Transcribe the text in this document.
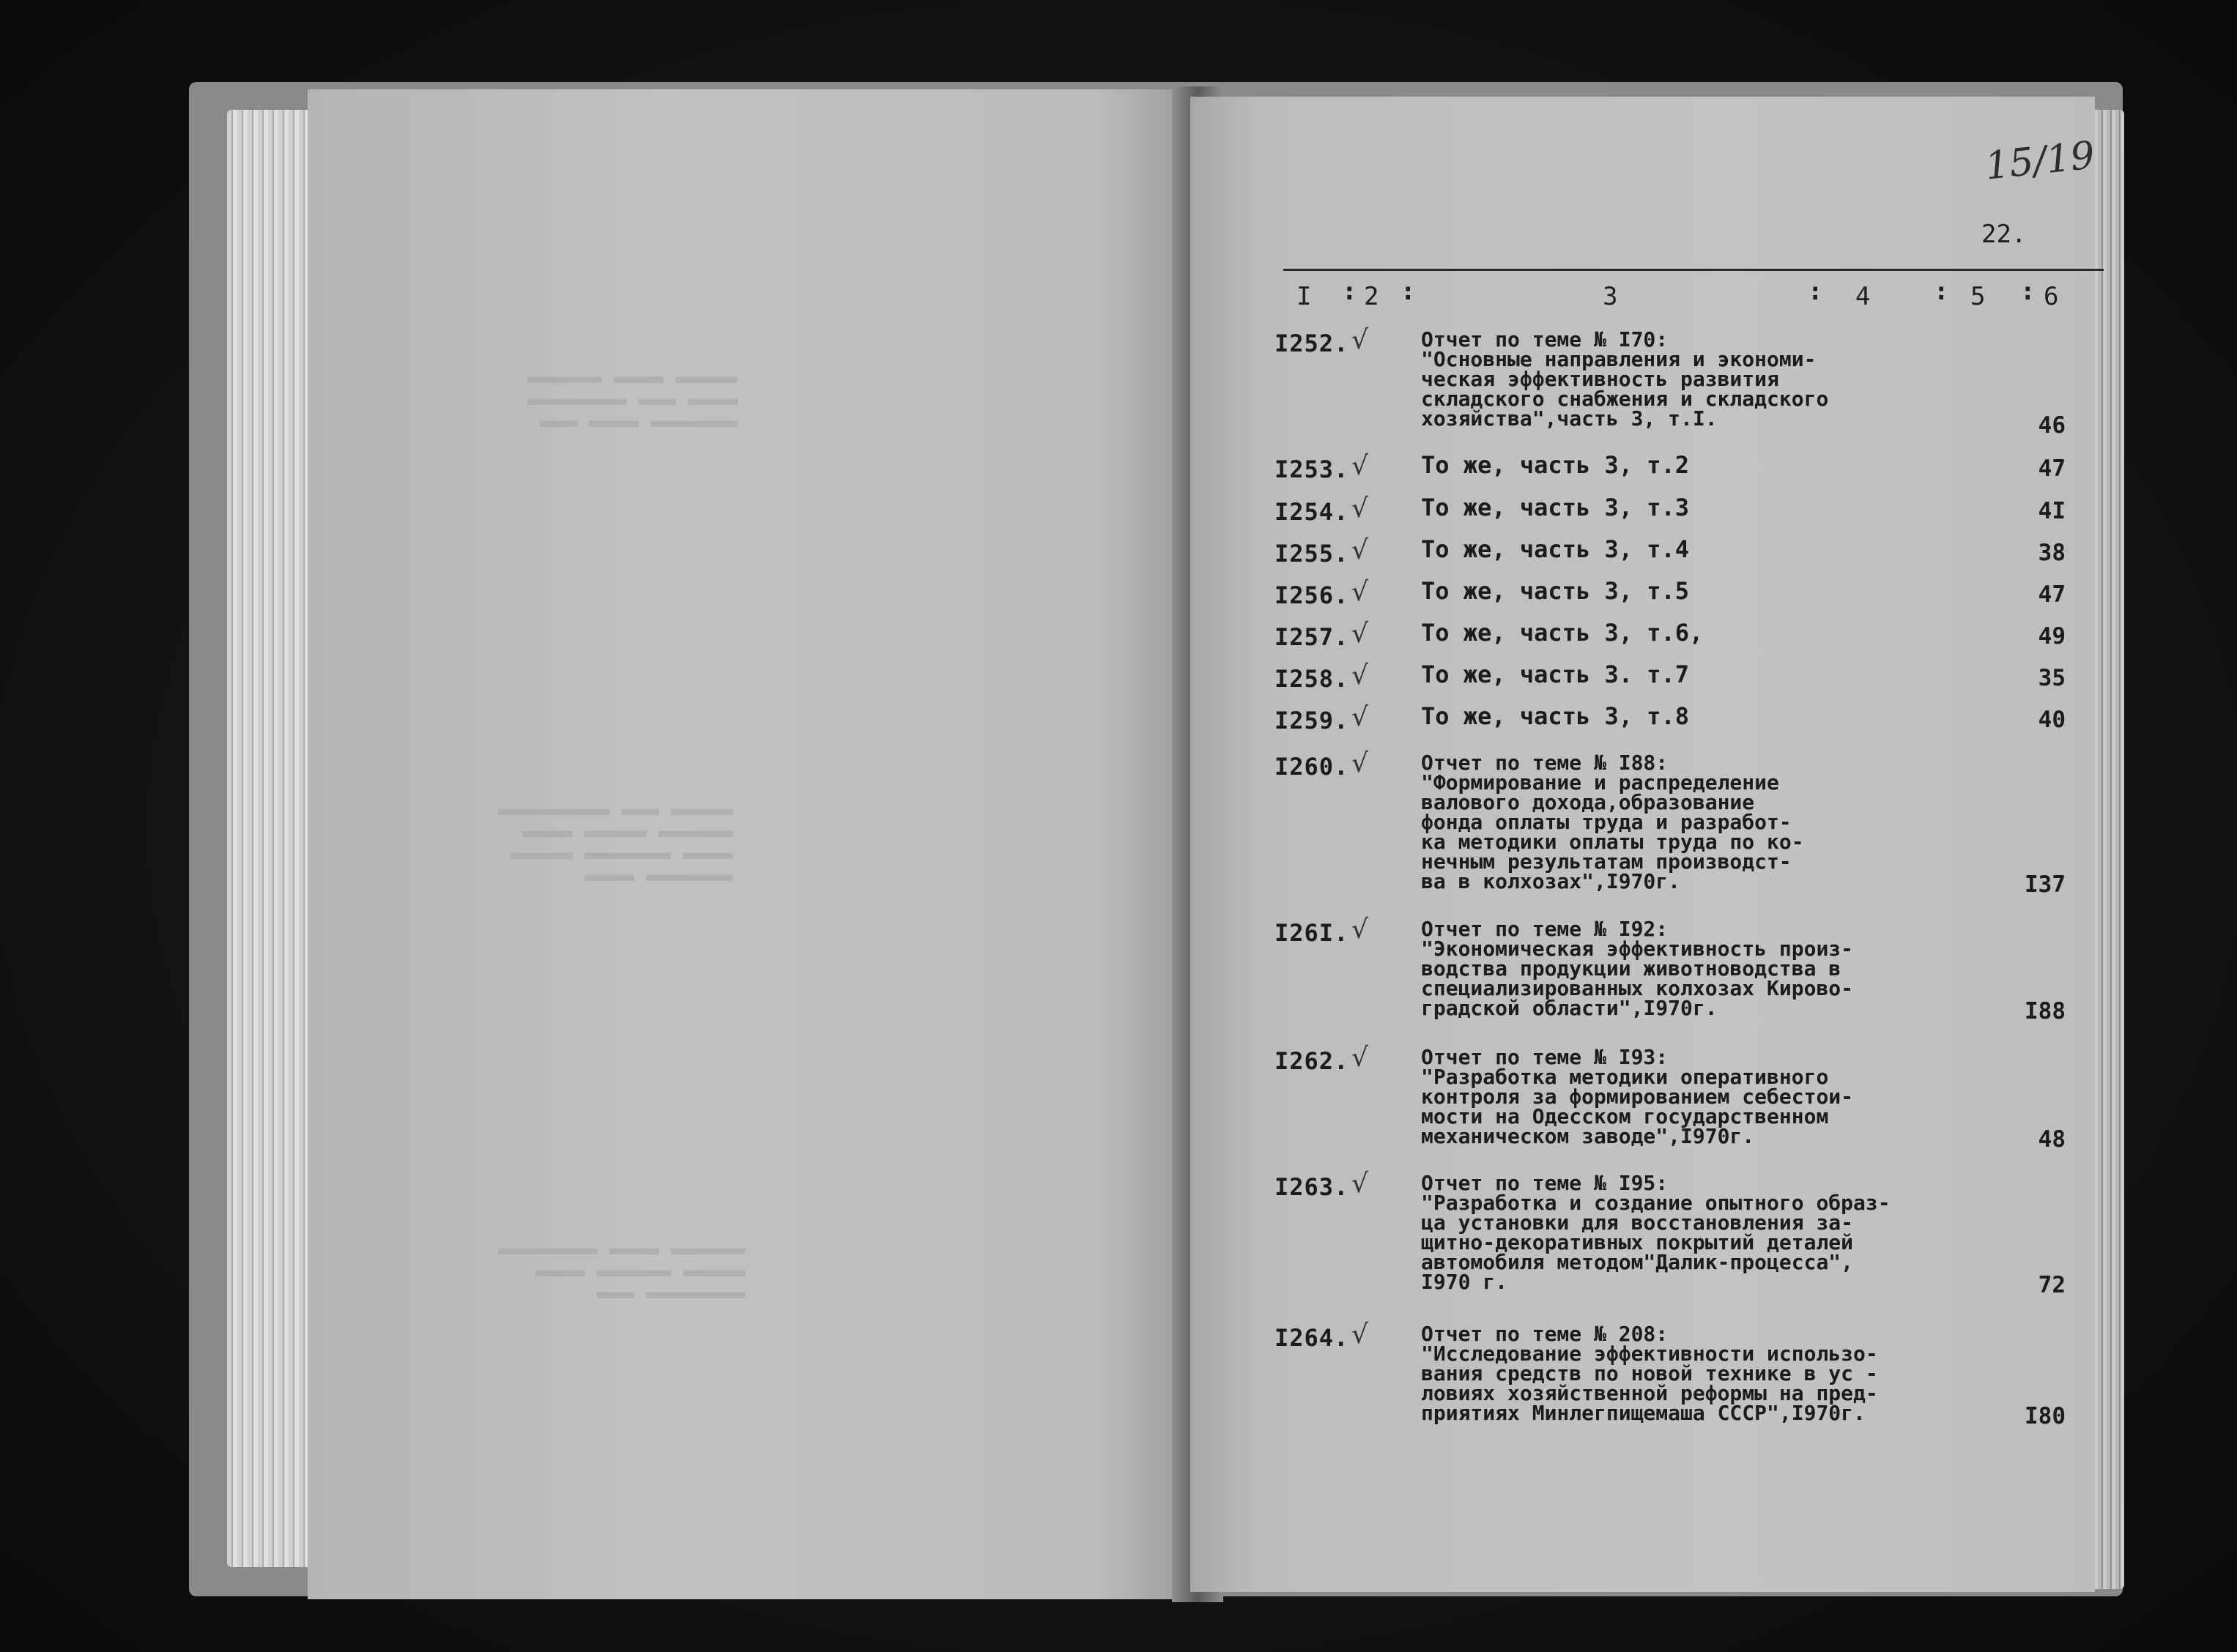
▂▂▂▂▂ ▂▂▂▂ ▂▂▂▂▂▂
▂▂▂▂ ▂▂▂ ▂▂▂▂▂▂▂▂
▂▂▂▂▂▂▂ ▂▂▂▂ ▂▂▂

▂▂▂▂▂ ▂▂▂ ▂▂▂▂▂▂▂▂▂
▂▂▂▂▂▂ ▂▂▂▂▂ ▂▂▂▂
▂▂▂▂ ▂▂▂▂▂▂▂ ▂▂▂▂▂
▂▂▂▂▂▂▂ ▂▂▂▂

▂▂▂▂▂▂ ▂▂▂▂ ▂▂▂▂▂▂▂▂
▂▂▂▂▂ ▂▂▂▂▂▂ ▂▂▂▂
▂▂▂▂▂▂▂▂ ▂▂▂

15/19
22.
I : 2 :	3	: 4	: 5 : 6
I252. √	Отчет по теме № I70:
"Основные направления и экономи-
ческая эффективность развития
складского снабжения и складского
хозяйства",часть 3, т.I.	46
I253. √ То же, часть 3, т.2	47
I254. √ То же, часть 3, т.3	4I
I255. √ То же, часть 3, т.4	38
I256. √ То же, часть 3, т.5	47
I257. √ То же, часть 3, т.6,	49
I258. √ То же, часть 3. т.7	35
I259. √ То же, часть 3, т.8	40
I260. √	Отчет по теме № I88:
"Формирование и распределение
валового дохода,образование
фонда оплаты труда и разработ-
ка методики оплаты труда по ко-
нечным результатам производст-
ва в колхозах",I970г.	I37
I26I. √	Отчет по теме № I92:
"Экономическая эффективность произ-
водства продукции животноводства в
специализированных колхозах Кирово-
градской области",I970г.	I88
I262. √	Отчет по теме № I93:
"Разработка методики оперативного
контроля за формированием себестои-
мости на Одесском государственном
механическом заводе",I970г.	48
I263. √	Отчет по теме № I95:
"Разработка и создание опытного образ-
ца установки для восстановления за-
щитно-декоративных покрытий деталей
автомобиля методом"Далик-процесса",
I970 г.	72
I264. √	Отчет по теме № 208:
"Исследование эффективности использо-
вания средств по новой технике в ус -
ловиях хозяйственной реформы на пред-
приятиях Минлегпищемаша СССР",I970г.	I80
